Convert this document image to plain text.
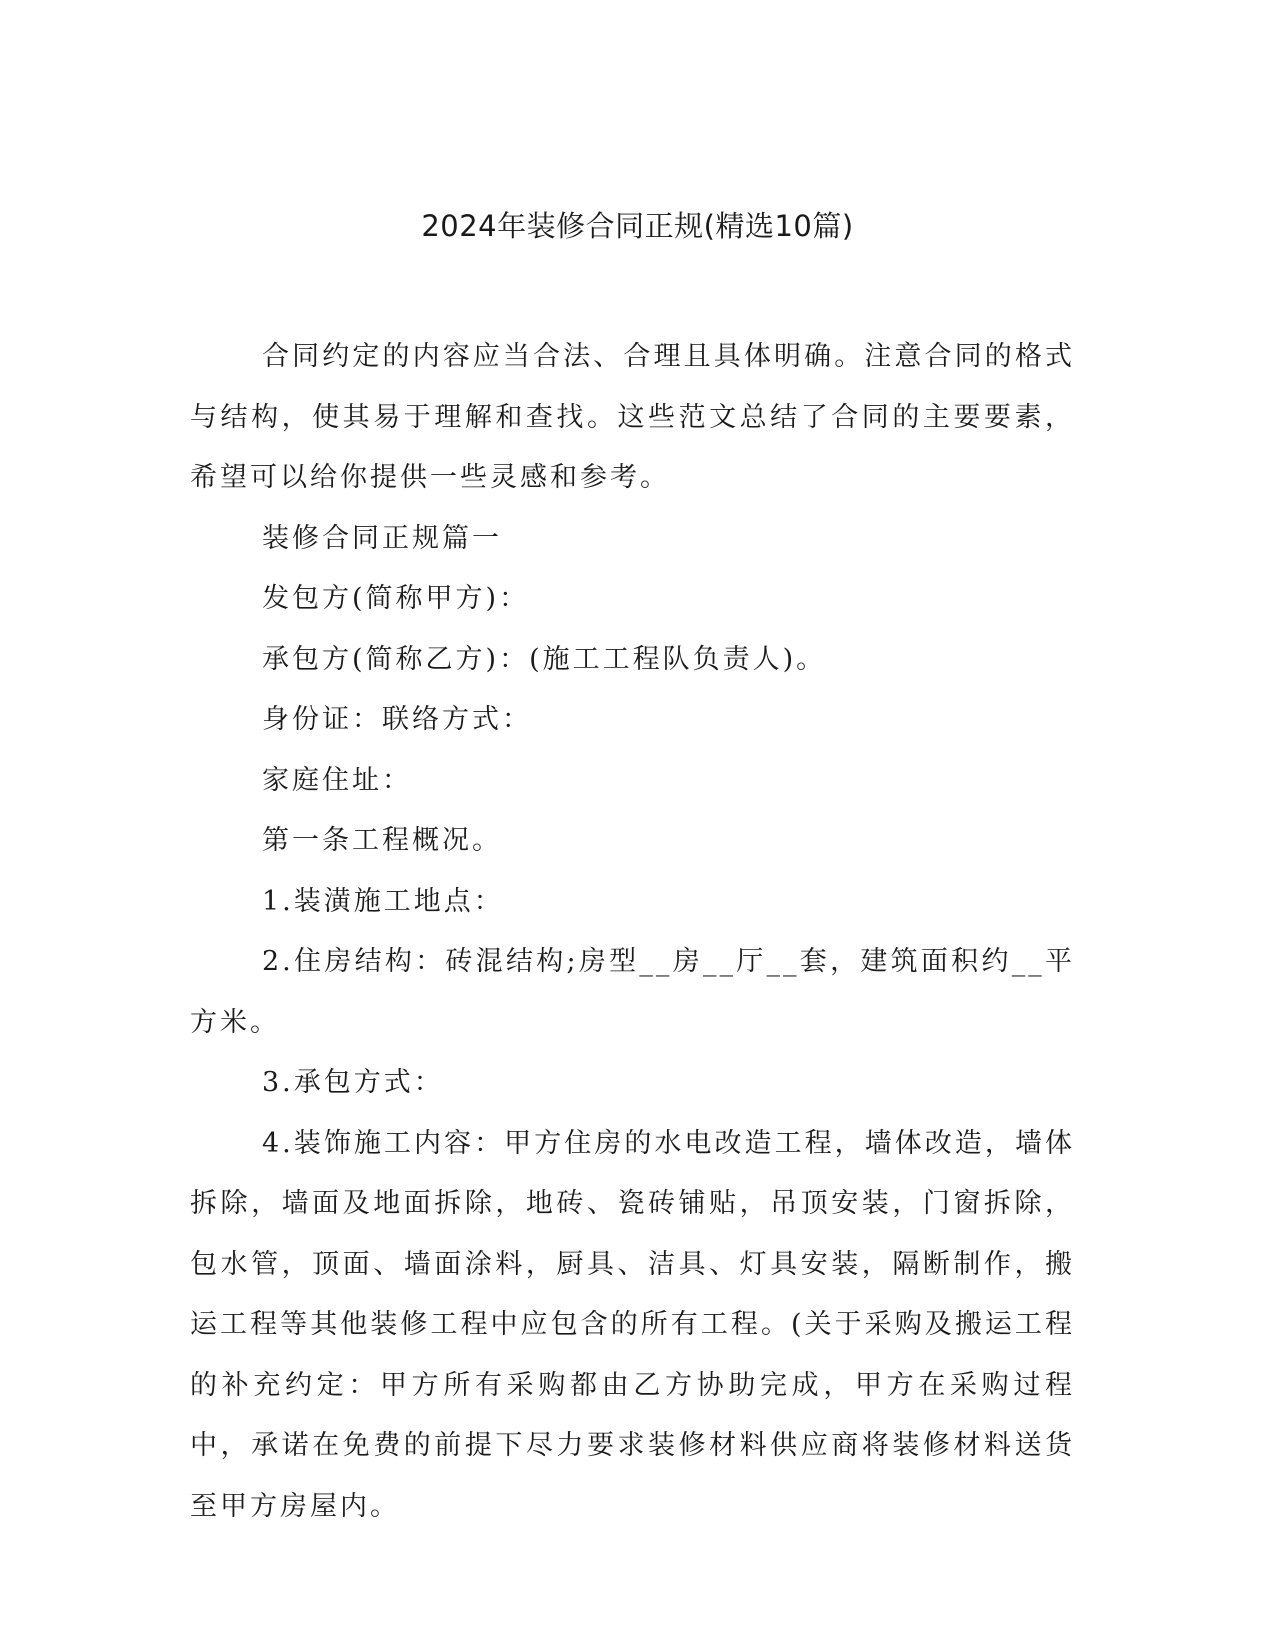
2024年装修合同正规(精选10篇)

合同约定的内容应当合法、合理且具体明确。注意合同的格式与结构，使其易于理解和查找。这些范文总结了合同的主要要素，希望可以给你提供一些灵感和参考。

装修合同正规篇一

发包方(简称甲方)：

承包方(简称乙方)：(施工工程队负责人)。

身份证：联络方式：

家庭住址：

第一条工程概况。

1.装潢施工地点：

2.住房结构：砖混结构;房型__房__厅__套，建筑面积约__平方米。

3.承包方式：

4.装饰施工内容：甲方住房的水电改造工程，墙体改造，墙体拆除，墙面及地面拆除，地砖、瓷砖铺贴，吊顶安装，门窗拆除，包水管，顶面、墙面涂料，厨具、洁具、灯具安装，隔断制作，搬运工程等其他装修工程中应包含的所有工程。(关于采购及搬运工程的补充约定：甲方所有采购都由乙方协助完成，甲方在采购过程中，承诺在免费的前提下尽力要求装修材料供应商将装修材料送货至甲方房屋内。
